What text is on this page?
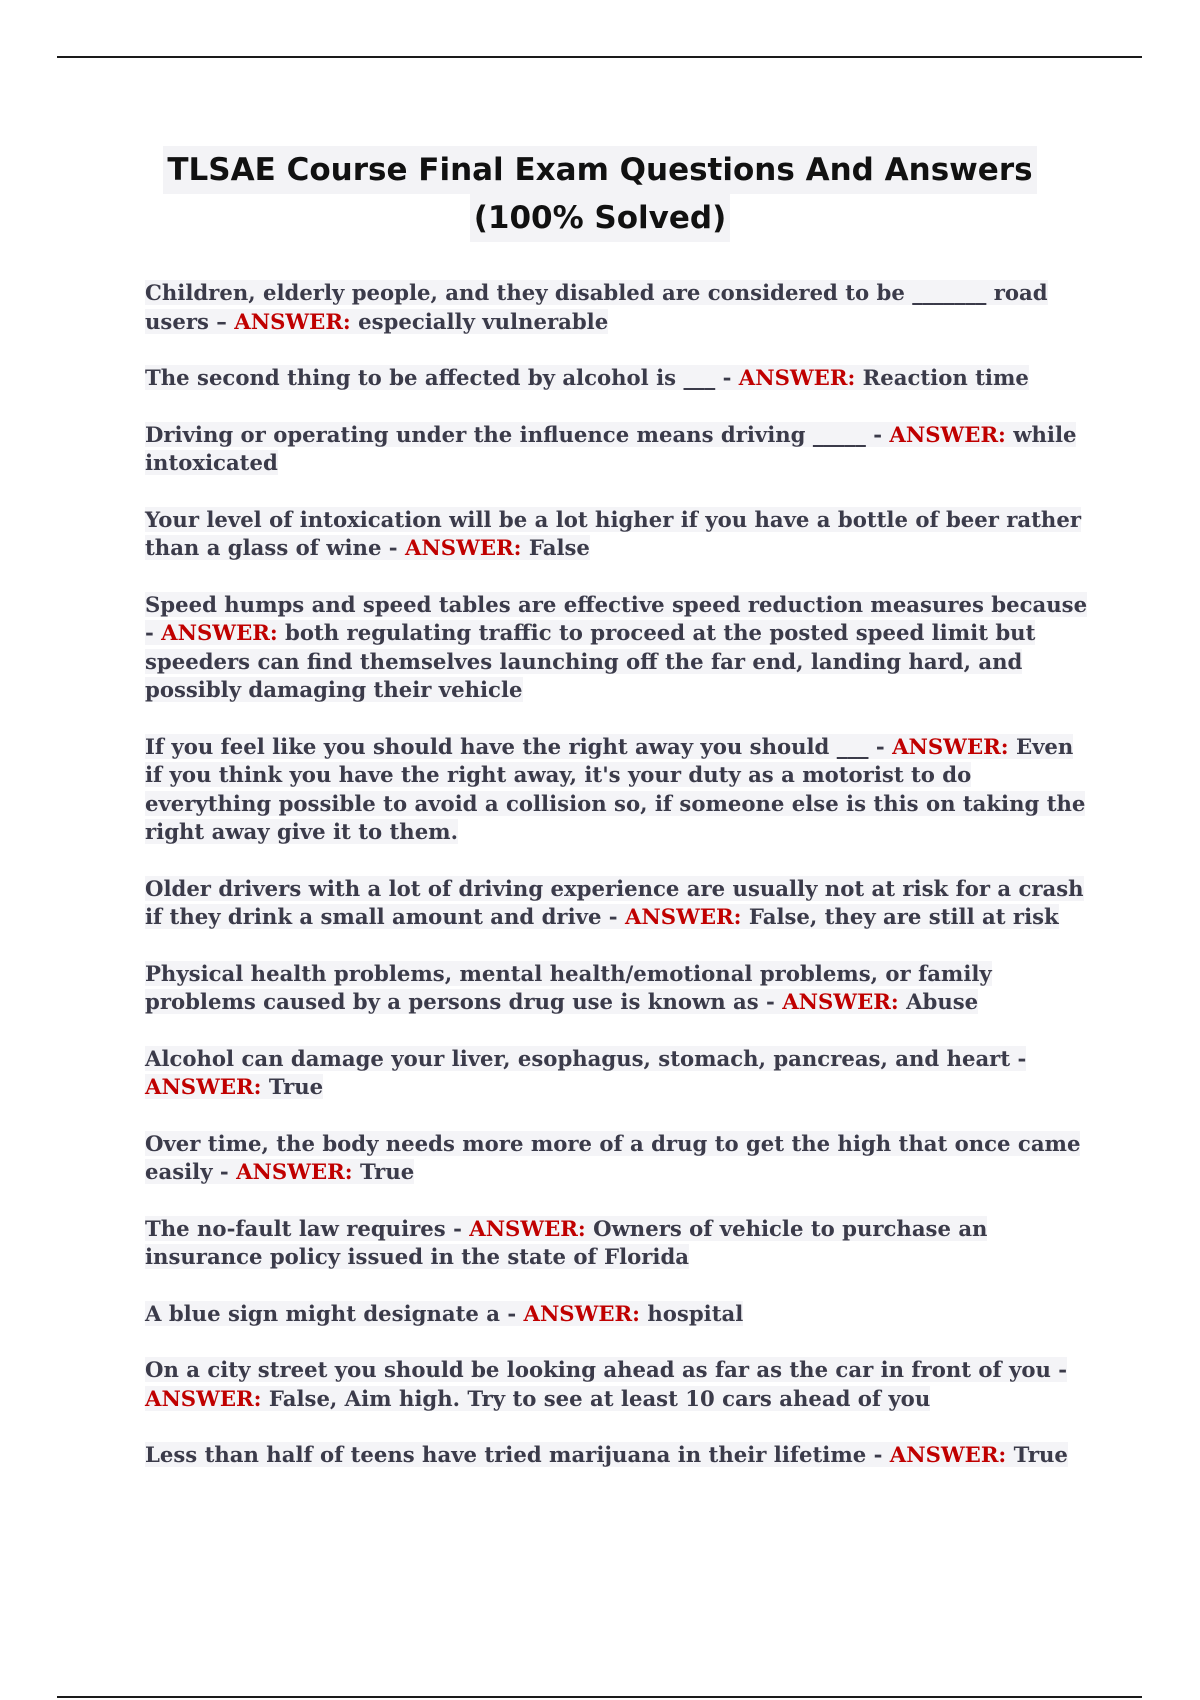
TLSAE Course Final Exam Questions And Answers
(100% Solved)

Children, elderly people, and they disabled are considered to be _______ road users – ANSWER: especially vulnerable

The second thing to be affected by alcohol is ___ - ANSWER: Reaction time

Driving or operating under the influence means driving _____ - ANSWER: while intoxicated

Your level of intoxication will be a lot higher if you have a bottle of beer rather than a glass of wine - ANSWER: False

Speed humps and speed tables are effective speed reduction measures because - ANSWER: both regulating traffic to proceed at the posted speed limit but speeders can find themselves launching off the far end, landing hard, and possibly damaging their vehicle

If you feel like you should have the right away you should ___ - ANSWER: Even if you think you have the right away, it's your duty as a motorist to do everything possible to avoid a collision so, if someone else is this on taking the right away give it to them.

Older drivers with a lot of driving experience are usually not at risk for a crash if they drink a small amount and drive - ANSWER: False, they are still at risk

Physical health problems, mental health/emotional problems, or family problems caused by a persons drug use is known as - ANSWER: Abuse

Alcohol can damage your liver, esophagus, stomach, pancreas, and heart - ANSWER: True

Over time, the body needs more more of a drug to get the high that once came easily - ANSWER: True

The no-fault law requires - ANSWER: Owners of vehicle to purchase an insurance policy issued in the state of Florida

A blue sign might designate a - ANSWER: hospital

On a city street you should be looking ahead as far as the car in front of you - ANSWER: False, Aim high. Try to see at least 10 cars ahead of you

Less than half of teens have tried marijuana in their lifetime - ANSWER: True
